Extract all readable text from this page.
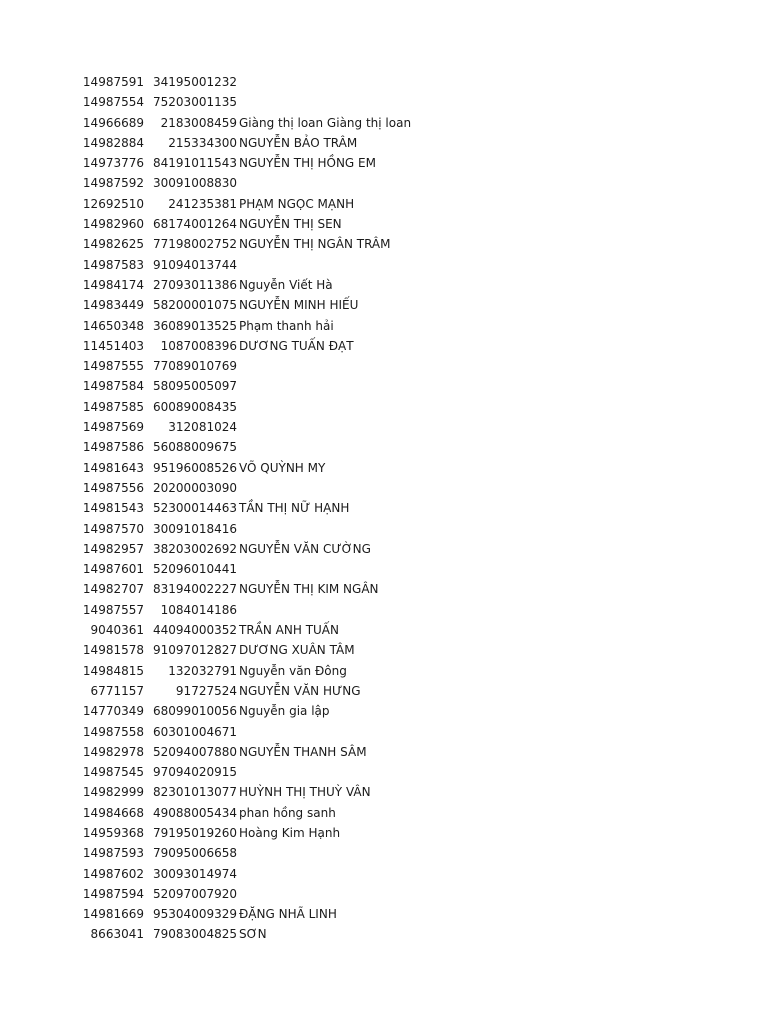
14987591 34195001232
14987554 75203001135
14966689 2183008459 Giàng thị loan Giàng thị loan
14982884 215334300 NGUYỄN BẢO TRÂM
14973776 84191011543 NGUYỄN THỊ HỒNG EM
14987592 30091008830
12692510 241235381 PHẠM NGỌC MẠNH
14982960 68174001264 NGUYỄN THỊ SEN
14982625 77198002752 NGUYỄN THỊ NGÂN TRÂM
14987583 91094013744
14984174 27093011386 Nguyễn Viết Hà
14983449 58200001075 NGUYỄN MINH HIẾU
14650348 36089013525 Phạm thanh hải
11451403 1087008396 DƯƠNG TUẤN ĐẠT
14987555 77089010769
14987584 58095005097
14987585 60089008435
14987569 312081024
14987586 56088009675
14981643 95196008526 VÕ QUỲNH MY
14987556 20200003090
14981543 52300014463 TẦN THỊ NỮ HẠNH
14987570 30091018416
14982957 38203002692 NGUYỄN VĂN CƯỜNG
14987601 52096010441
14982707 83194002227 NGUYỄN THỊ KIM NGÂN
14987557 1084014186
9040361 44094000352 TRẦN ANH TUẤN
14981578 91097012827 DƯƠNG XUÂN TÂM
14984815 132032791 Nguyễn văn Đông
6771157	91727524 NGUYỄN VĂN HƯNG
14770349 68099010056 Nguyễn gia lập
14987558 60301004671
14982978 52094007880 NGUYỄN THANH SÂM
14987545 97094020915
14982999 82301013077 HUỲNH THỊ THUỲ VÂN
14984668 49088005434 phan hồng sanh
14959368 79195019260 Hoàng Kim Hạnh
14987593 79095006658
14987602 30093014974
14987594 52097007920
14981669 95304009329 ĐẶNG NHÃ LINH
8663041 79083004825 SƠN
